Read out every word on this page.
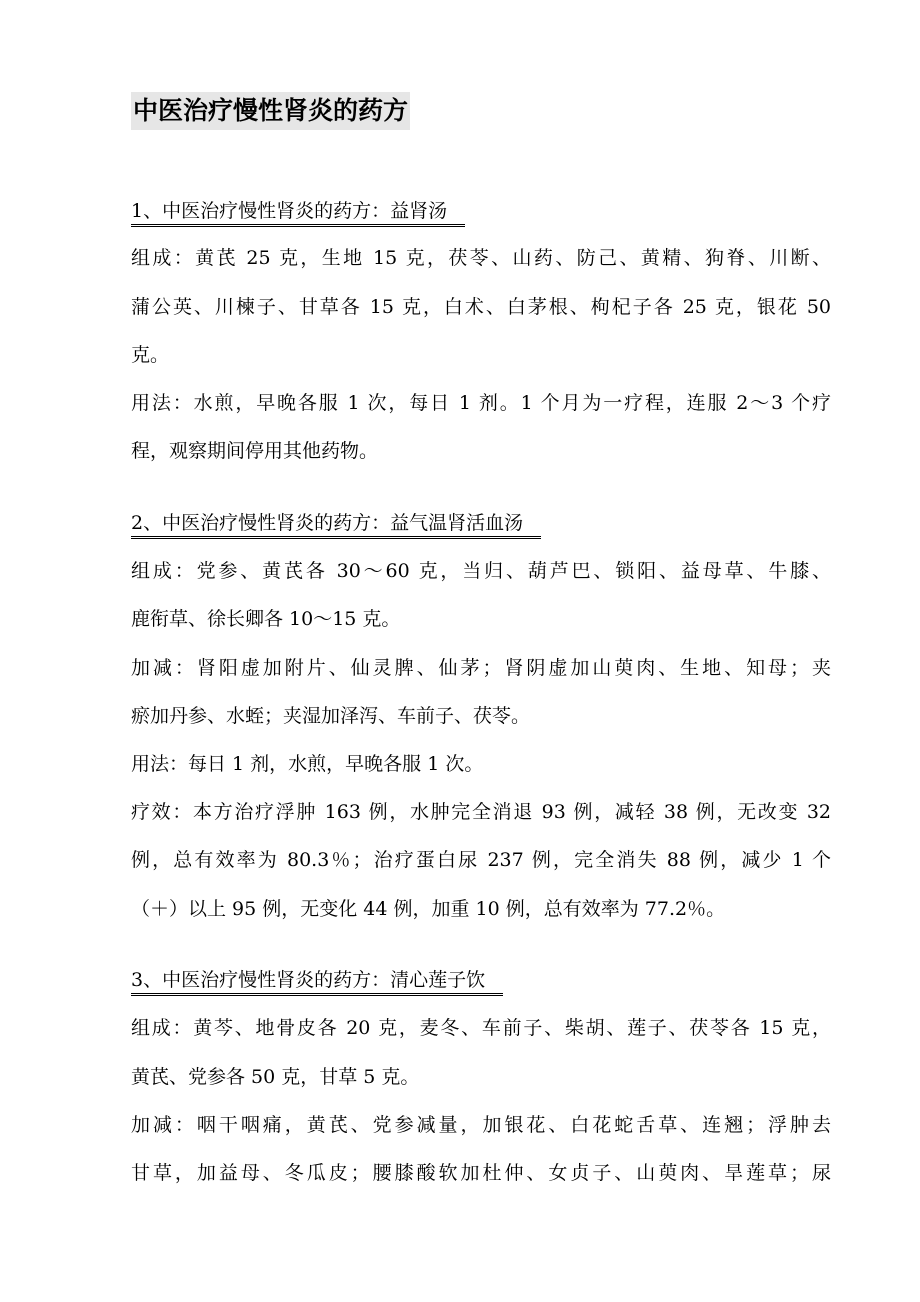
中医治疗慢性肾炎的药方
1、中医治疗慢性肾炎的药方：益肾汤
组成：黄芪 25 克，生地 15 克，茯苓、山药、防己、黄精、狗脊、川断、
蒲公英、川楝子、甘草各 15 克，白术、白茅根、枸杞子各 25 克，银花 50
克。
用法：水煎，早晚各服 1 次，每日 1 剂。1 个月为一疗程，连服 2～3 个疗
程，观察期间停用其他药物。
2、中医治疗慢性肾炎的药方：益气温肾活血汤
组成：党参、黄芪各 30～60 克，当归、葫芦巴、锁阳、益母草、牛膝、
鹿衔草、徐长卿各 10～15 克。
加减：肾阳虚加附片、仙灵脾、仙茅；肾阴虚加山萸肉、生地、知母；夹
瘀加丹参、水蛭；夹湿加泽泻、车前子、茯苓。
用法：每日 1 剂，水煎，早晚各服 1 次。
疗效：本方治疗浮肿 163 例，水肿完全消退 93 例，减轻 38 例，无改变 32
例，总有效率为 80.3％；治疗蛋白尿 237 例，完全消失 88 例，减少 1 个
（＋）以上 95 例，无变化 44 例，加重 10 例，总有效率为 77.2％。
3、中医治疗慢性肾炎的药方：清心莲子饮
组成：黄芩、地骨皮各 20 克，麦冬、车前子、柴胡、莲子、茯苓各 15 克，
黄芪、党参各 50 克，甘草 5 克。
加减：咽干咽痛，黄芪、党参减量，加银花、白花蛇舌草、连翘；浮肿去
甘草，加益母、冬瓜皮；腰膝酸软加杜仲、女贞子、山萸肉、旱莲草；尿
